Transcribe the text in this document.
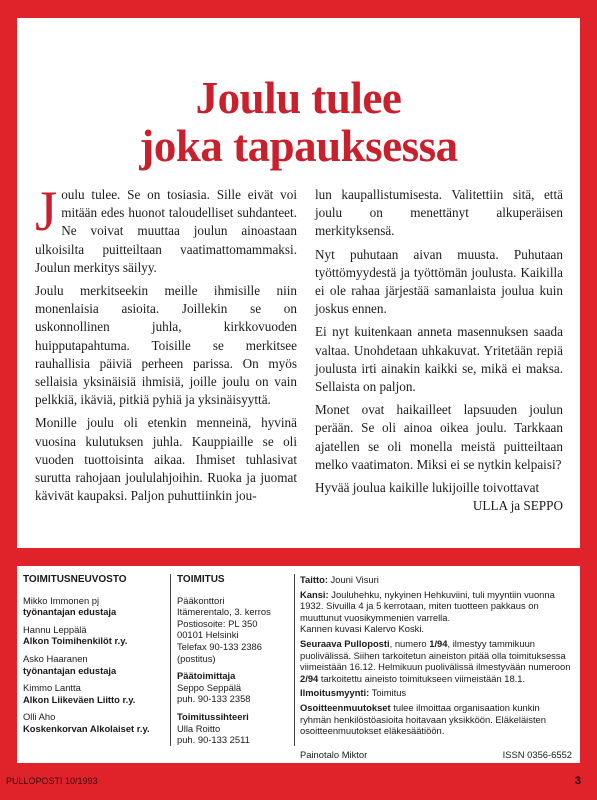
Joulu tulee
joka tapauksessa

Joulu tulee. Se on tosiasia. Sille eivät voi mitään edes huonot taloudelliset suhdanteet. Ne voivat muuttaa joulun ainoastaan ulkoisilta puitteiltaan vaatimattomammaksi. Joulun merkitys säilyy.

Joulu merkitseekin meille ihmisille niin monenlaisia asioita. Joillekin se on uskonnollinen juhla, kirkkovuoden huipputapahtuma. Toisille se merkitsee rauhallisia päiviä perheen parissa. On myös sellaisia yksinäisiä ihmisiä, joille joulu on vain pelkkiä, ikäviä, pitkiä pyhiä ja yksinäisyyttä.

Monille joulu oli etenkin menneinä, hyvinä vuosina kulutuksen juhla. Kauppiaille se oli vuoden tuottoisinta aikaa. Ihmiset tuhlasivat surutta rahojaan joululahjoihin. Ruoka ja juomat kävivät kaupaksi. Paljon puhuttiinkin jou-

lun kaupallistumisesta. Valitettiin sitä, että joulu on menettänyt alkuperäisen merkityksensä.

Nyt puhutaan aivan muusta. Puhutaan työttömyydestä ja työttömän joulusta. Kaikilla ei ole rahaa järjestää samanlaista joulua kuin joskus ennen.

Ei nyt kuitenkaan anneta masennuksen saada valtaa. Unohdetaan uhkakuvat. Yritetään repiä joulusta irti ainakin kaikki se, mikä ei maksa. Sellaista on paljon.

Monet ovat haikailleet lapsuuden joulun perään. Se oli ainoa oikea joulu. Tarkkaan ajatellen se oli monella meistä puitteiltaan melko vaatimaton. Miksi ei se nytkin kelpaisi?

Hyvää joulua kaikille lukijoille toivottavat

ULLA ja SEPPO

TOIMITUSNEUVOSTO
Mikko Immonen pj
työnantajan edustaja
Hannu Leppälä
Alkon Toimihenkilöt r.y.
Asko Haaranen
työnantajan edustaja
Kimmo Lantta
Alkon Liikeväen Liitto r.y.
Olli Aho
Koskenkorvan Alkolaiset r.y.
TOIMITUS
Pääkonttori
Itämerentalo, 3. kerros
Postiosoite: PL 350
00101 Helsinki
Telefax 90-133 2386
(postitus)
Päätoimittaja
Seppo Seppälä
puh. 90-133 2358
Toimitussihteeri
Ulla Roitto
puh. 90-133 2511
Taitto: Jouni Visuri
Kansi: Jouluhehku, nykyinen Hehkuviini, tuli myyntiin vuonna 1932. Sivuilla 4 ja 5 kerrotaan, miten tuotteen pakkaus on muuttunut vuosikymmenien varrella.
Kannen kuvasi Kalervo Koski.
Seuraava Pulloposti, numero 1/94, ilmestyy tammikuun puolivälissä. Siihen tarkoitetun aineiston pitää olla toimituksessa viimeistään 16.12. Helmikuun puolivälissä ilmestyvään numeroon 2/94 tarkoitettu aineisto toimitukseen viimeistään 18.1.
Ilmoitusmyynti: Toimitus
Osoitteenmuutokset tulee ilmoittaa organisaation kunkin ryhmän henkilöstöasioita hoitavaan yksikköön. Eläkeläisten osoitteenmuutokset eläkesäätiöön.
Painotalo Miktor	ISSN 0356-6552
PULLOPOSTI 10/1993	3
